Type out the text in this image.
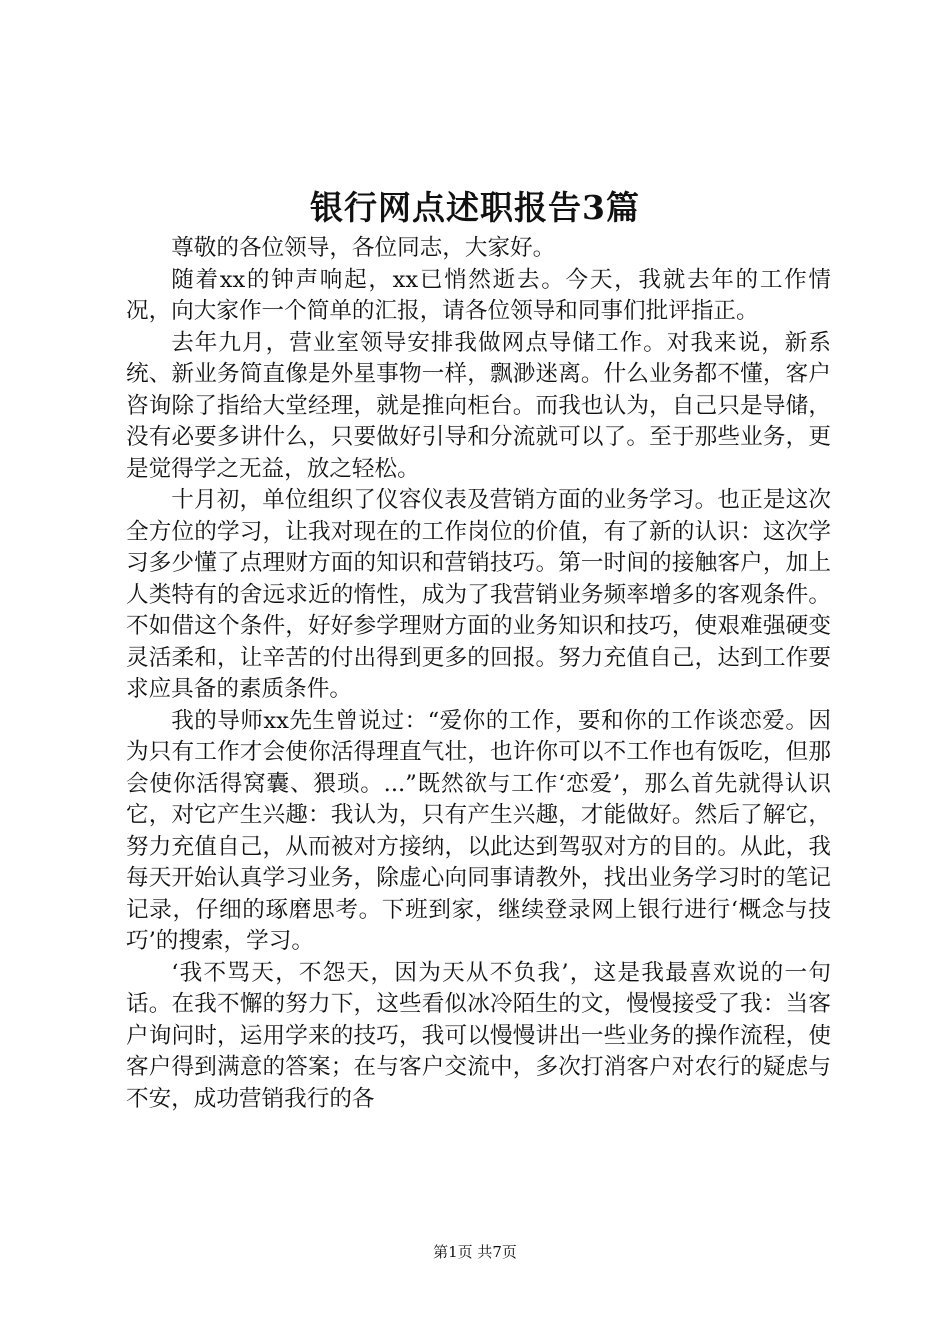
银行网点述职报告3篇

尊敬的各位领导，各位同志，大家好。

随着xx的钟声响起，xx已悄然逝去。今天，我就去年的工作情况，向大家作一个简单的汇报，请各位领导和同事们批评指正。

去年九月，营业室领导安排我做网点导储工作。对我来说，新系统、新业务简直像是外星事物一样，飘渺迷离。什么业务都不懂，客户咨询除了指给大堂经理，就是推向柜台。而我也认为，自己只是导储，没有必要多讲什么，只要做好引导和分流就可以了。至于那些业务，更是觉得学之无益，放之轻松。

十月初，单位组织了仪容仪表及营销方面的业务学习。也正是这次全方位的学习，让我对现在的工作岗位的价值，有了新的认识：这次学习多少懂了点理财方面的知识和营销技巧。第一时间的接触客户，加上人类特有的舍远求近的惰性，成为了我营销业务频率增多的客观条件。不如借这个条件，好好参学理财方面的业务知识和技巧，使艰难强硬变灵活柔和，让辛苦的付出得到更多的回报。努力充值自己，达到工作要求应具备的素质条件。

我的导师xx先生曾说过：“爱你的工作，要和你的工作谈恋爱。因为只有工作才会使你活得理直气壮，也许你可以不工作也有饭吃，但那会使你活得窝囊、猥琐。...”既然欲与工作‘恋爱’，那么首先就得认识它，对它产生兴趣：我认为，只有产生兴趣，才能做好。然后了解它，努力充值自己，从而被对方接纳，以此达到驾驭对方的目的。从此，我每天开始认真学习业务，除虚心向同事请教外，找出业务学习时的笔记记录，仔细的琢磨思考。下班到家，继续登录网上银行进行‘概念与技巧’的搜索，学习。

‘我不骂天，不怨天，因为天从不负我’，这是我最喜欢说的一句话。在我不懈的努力下，这些看似冰冷陌生的文，慢慢接受了我：当客户询问时，运用学来的技巧，我可以慢慢讲出一些业务的操作流程，使客户得到满意的答案；在与客户交流中，多次打消客户对农行的疑虑与不安，成功营销我行的各

第1页 共7页
